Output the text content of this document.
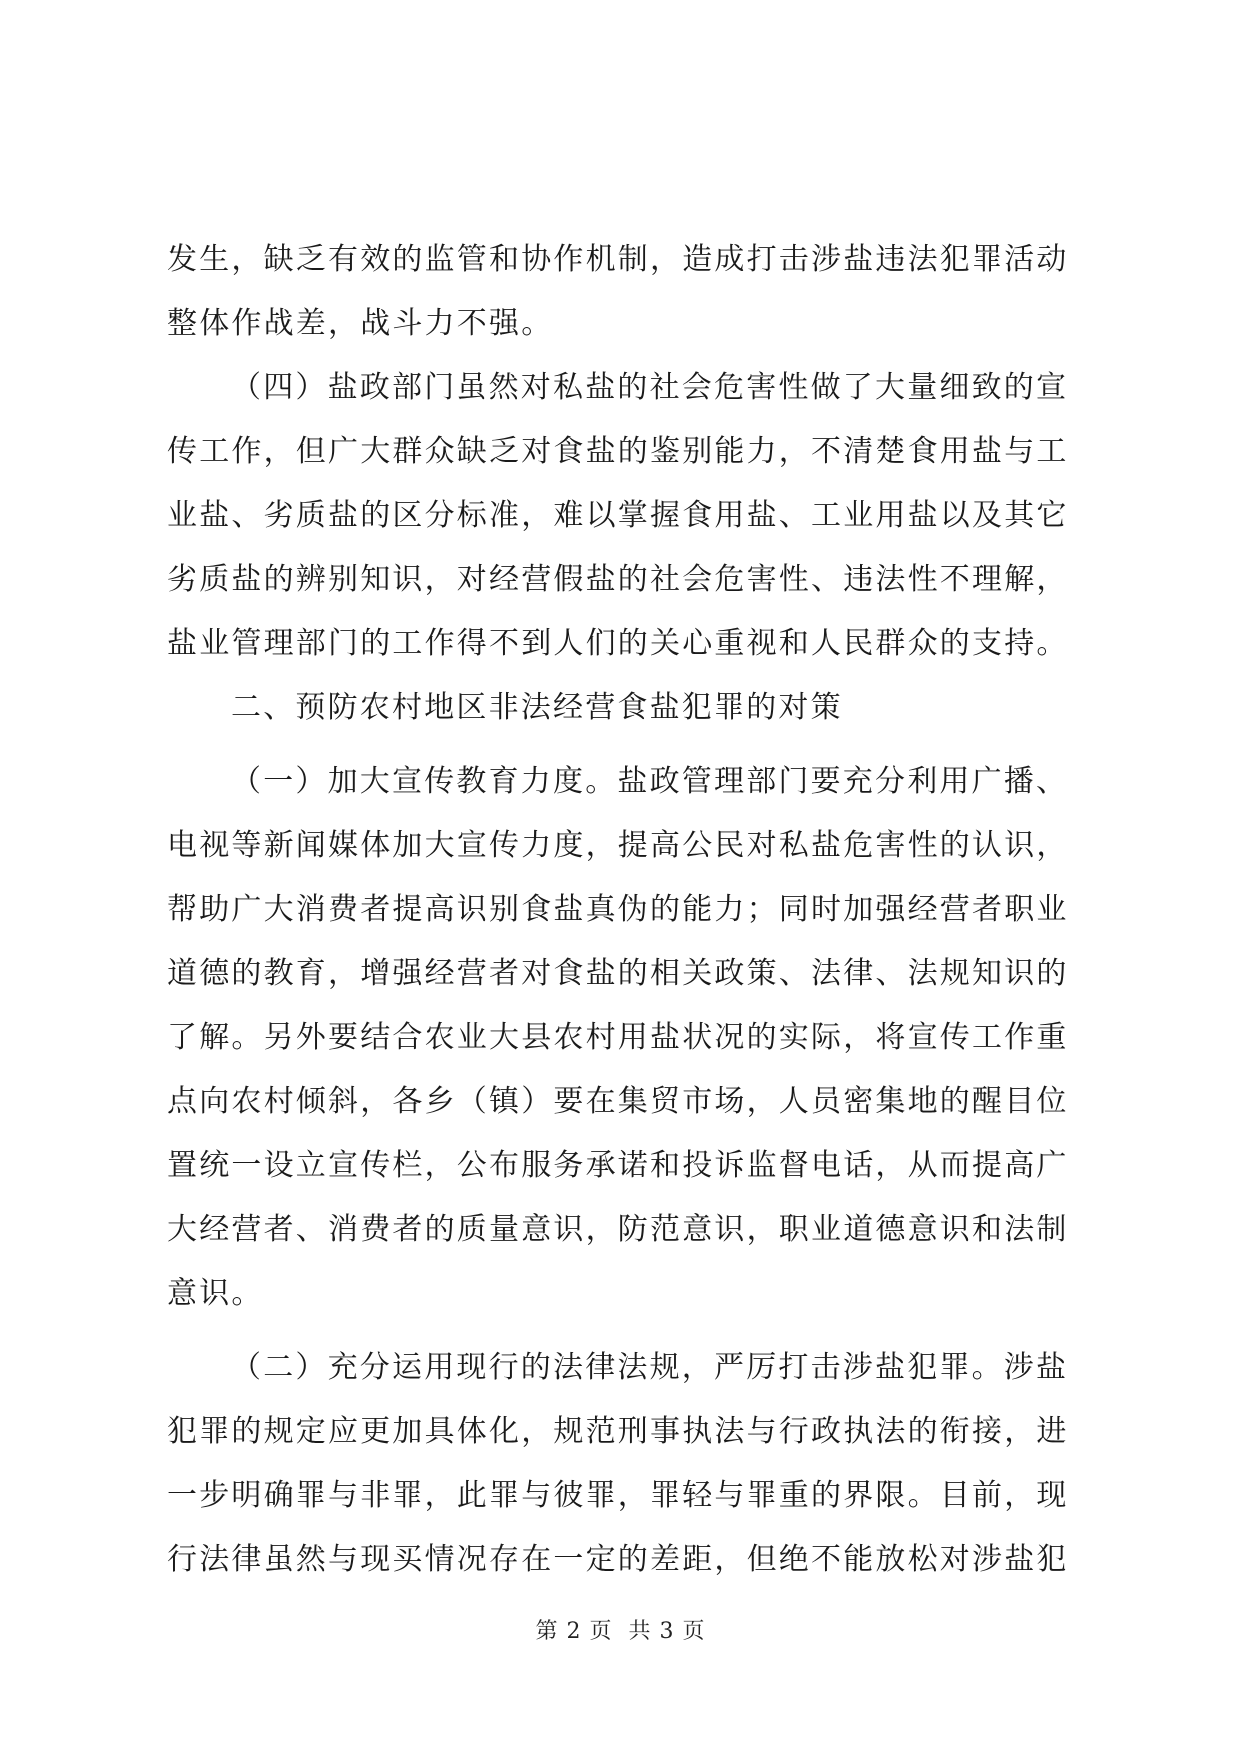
发生，缺乏有效的监管和协作机制，造成打击涉盐违法犯罪活动
整体作战差，战斗力不强。

（四）盐政部门虽然对私盐的社会危害性做了大量细致的宣
传工作，但广大群众缺乏对食盐的鉴别能力，不清楚食用盐与工
业盐、劣质盐的区分标准，难以掌握食用盐、工业用盐以及其它
劣质盐的辨别知识，对经营假盐的社会危害性、违法性不理解，
盐业管理部门的工作得不到人们的关心重视和人民群众的支持。

二、预防农村地区非法经营食盐犯罪的对策

（一）加大宣传教育力度。盐政管理部门要充分利用广播、
电视等新闻媒体加大宣传力度，提高公民对私盐危害性的认识，
帮助广大消费者提高识别食盐真伪的能力；同时加强经营者职业
道德的教育，增强经营者对食盐的相关政策、法律、法规知识的
了解。另外要结合农业大县农村用盐状况的实际，将宣传工作重
点向农村倾斜，各乡（镇）要在集贸市场，人员密集地的醒目位
置统一设立宣传栏，公布服务承诺和投诉监督电话，从而提高广
大经营者、消费者的质量意识，防范意识，职业道德意识和法制
意识。

（二）充分运用现行的法律法规，严厉打击涉盐犯罪。涉盐
犯罪的规定应更加具体化，规范刑事执法与行政执法的衔接，进
一步明确罪与非罪，此罪与彼罪，罪轻与罪重的界限。目前，现
行法律虽然与现买情况存在一定的差距，但绝不能放松对涉盐犯

第 2 页 共 3 页
